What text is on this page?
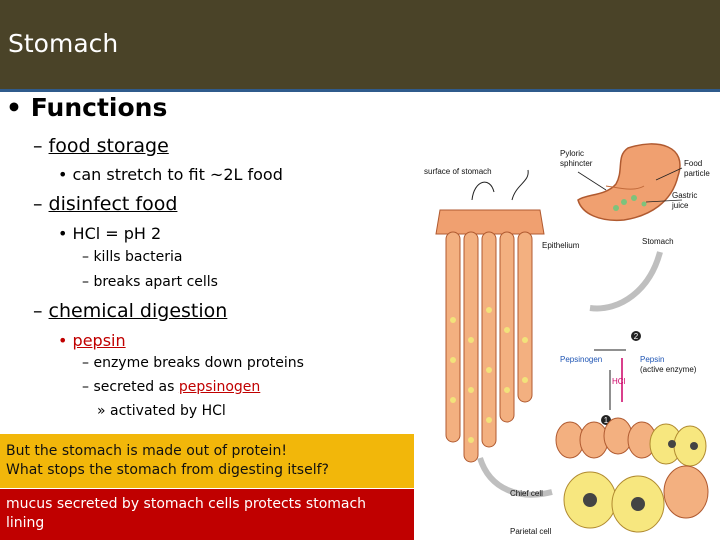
Stomach
• Functions
– food storage
• can stretch to fit ~2L food
– disinfect food
• HCl = pH 2
– kills bacteria
– breaks apart cells
– chemical digestion
• pepsin
– enzyme breaks down proteins
– secreted as pepsinogen
» activated by HCl
2
1
surface of stomach
Pyloric
sphincter	Food
particle
Gastric
juice
Epithelium	Stomach
Pepsinogen	Pepsin
(active enzyme)
HCl
Chief cell
Parietal cell
But the stomach is made out of protein!
What stops the stomach from digesting itself?
mucus secreted by stomach cells protects stomach lining
